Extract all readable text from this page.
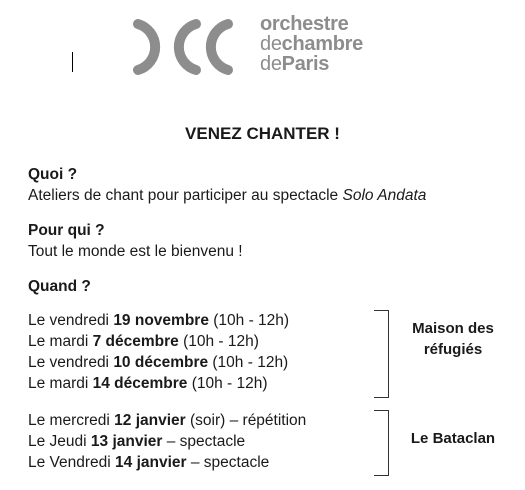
orchestre
dechambre
deParis
VENEZ CHANTER !
Quoi ?
Ateliers de chant pour participer au spectacle Solo Andata
Pour qui ?
Tout le monde est le bienvenu !
Quand ?
Le vendredi 19 novembre (10h - 12h)
Le mardi 7 décembre (10h - 12h)
Le vendredi 10 décembre (10h - 12h)
Le mardi 14 décembre (10h - 12h)
Maison des
réfugiés
Le mercredi 12 janvier (soir) – répétition
Le Jeudi 13 janvier – spectacle
Le Vendredi 14 janvier – spectacle
Le Bataclan
